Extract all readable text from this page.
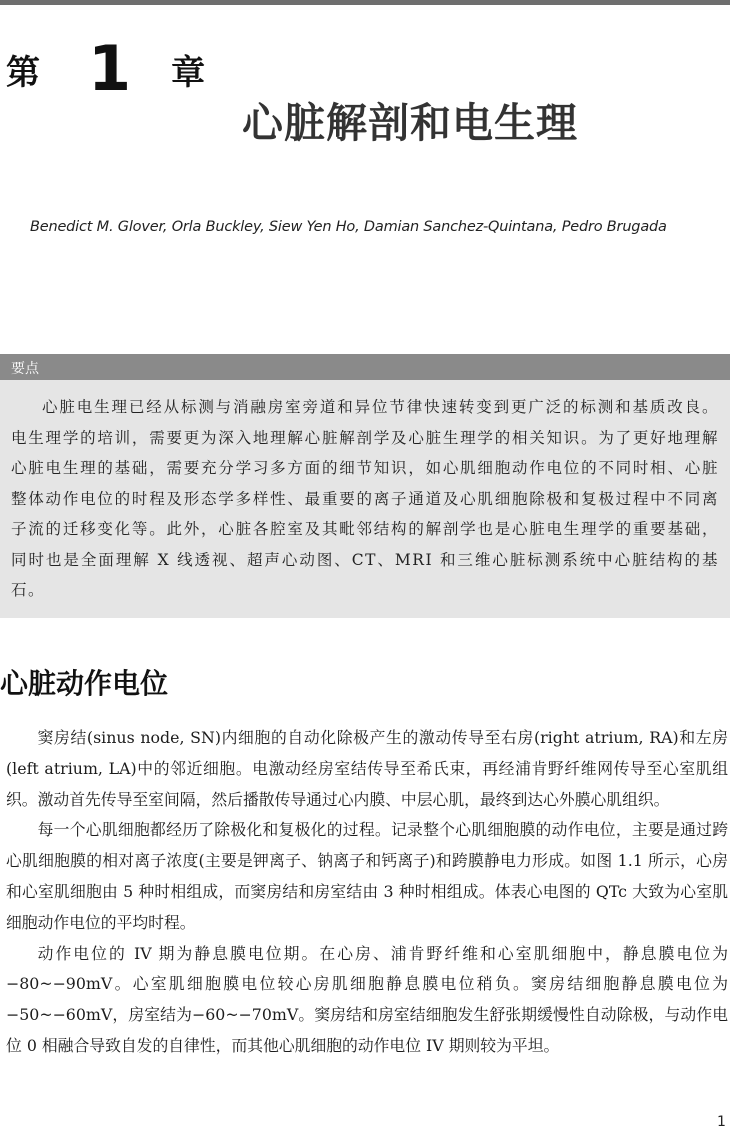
第 1 章
心脏解剖和电生理
Benedict M. Glover, Orla Buckley, Siew Yen Ho, Damian Sanchez-Quintana, Pedro Brugada
要点

心脏电生理已经从标测与消融房室旁道和异位节律快速转变到更广泛的标测和基质改良。电生理学的培训，需要更为深入地理解心脏解剖学及心脏生理学的相关知识。为了更好地理解心脏电生理的基础，需要充分学习多方面的细节知识，如心肌细胞动作电位的不同时相、心脏整体动作电位的时程及形态学多样性、最重要的离子通道及心肌细胞除极和复极过程中不同离子流的迁移变化等。此外，心脏各腔室及其毗邻结构的解剖学也是心脏电生理学的重要基础，同时也是全面理解 X 线透视、超声心动图、CT、MRI 和三维心脏标测系统中心脏结构的基石。

心脏动作电位

窦房结(sinus node, SN)内细胞的自动化除极产生的激动传导至右房(right atrium, RA)和左房(left atrium, LA)中的邻近细胞。电激动经房室结传导至希氏束，再经浦肯野纤维网传导至心室肌组织。激动首先传导至室间隔，然后播散传导通过心内膜、中层心肌，最终到达心外膜心肌组织。

每一个心肌细胞都经历了除极化和复极化的过程。记录整个心肌细胞膜的动作电位，主要是通过跨心肌细胞膜的相对离子浓度(主要是钾离子、钠离子和钙离子)和跨膜静电力形成。如图 1.1 所示，心房和心室肌细胞由 5 种时相组成，而窦房结和房室结由 3 种时相组成。体表心电图的 QTc 大致为心室肌细胞动作电位的平均时程。

动作电位的 IV 期为静息膜电位期。在心房、浦肯野纤维和心室肌细胞中，静息膜电位为−80~−90mV。心室肌细胞膜电位较心房肌细胞静息膜电位稍负。窦房结细胞静息膜电位为−50~−60mV，房室结为−60~−70mV。窦房结和房室结细胞发生舒张期缓慢性自动除极，与动作电位 0 相融合导致自发的自律性，而其他心肌细胞的动作电位 IV 期则较为平坦。

1
